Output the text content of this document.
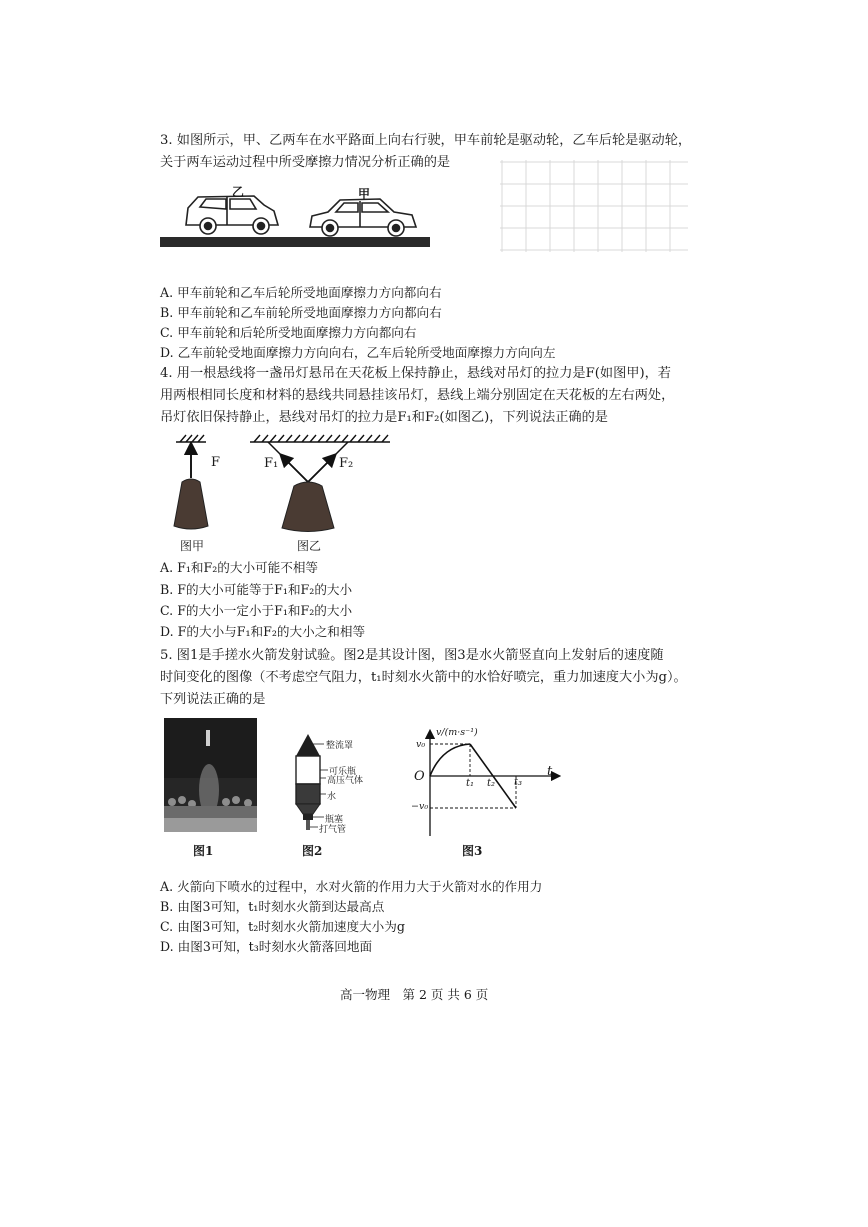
3. 如图所示，甲、乙两车在水平路面上向右行驶，甲车前轮是驱动轮，乙车后轮是驱动轮，
关于两车运动过程中所受摩擦力情况分析正确的是
乙	甲
A. 甲车前轮和乙车后轮所受地面摩擦力方向都向右
B. 甲车前轮和乙车前轮所受地面摩擦力方向都向右
C. 甲车前轮和后轮所受地面摩擦力方向都向右
D. 乙车前轮受地面摩擦力方向向右，乙车后轮所受地面摩擦力方向向左
4. 用一根悬线将一盏吊灯悬吊在天花板上保持静止，悬线对吊灯的拉力是F(如图甲)，若
用两根相同长度和材料的悬线共同悬挂该吊灯，悬线上端分别固定在天花板的左右两处，
吊灯依旧保持静止，悬线对吊灯的拉力是F₁和F₂(如图乙)，下列说法正确的是
F	F₁	F₂
图甲	图乙
A. F₁和F₂的大小可能不相等
B. F的大小可能等于F₁和F₂的大小
C. F的大小一定小于F₁和F₂的大小
D. F的大小与F₁和F₂的大小之和相等
5. 图1是手搓水火箭发射试验。图2是其设计图，图3是水火箭竖直向上发射后的速度随
时间变化的图像（不考虑空气阻力，t₁时刻水火箭中的水恰好喷完，重力加速度大小为g）。
下列说法正确的是
整流罩
可乐瓶
高压气体
水
瓶塞
打气管
v/(m·s⁻¹)
v₀
O
−v₀
t₁ t₂ t₃
t
图1	图2	图3
A. 火箭向下喷水的过程中，水对火箭的作用力大于火箭对水的作用力
B. 由图3可知，t₁时刻水火箭到达最高点
C. 由图3可知，t₂时刻水火箭加速度大小为g
D. 由图3可知，t₃时刻水火箭落回地面
高一物理　第 2 页 共 6 页
